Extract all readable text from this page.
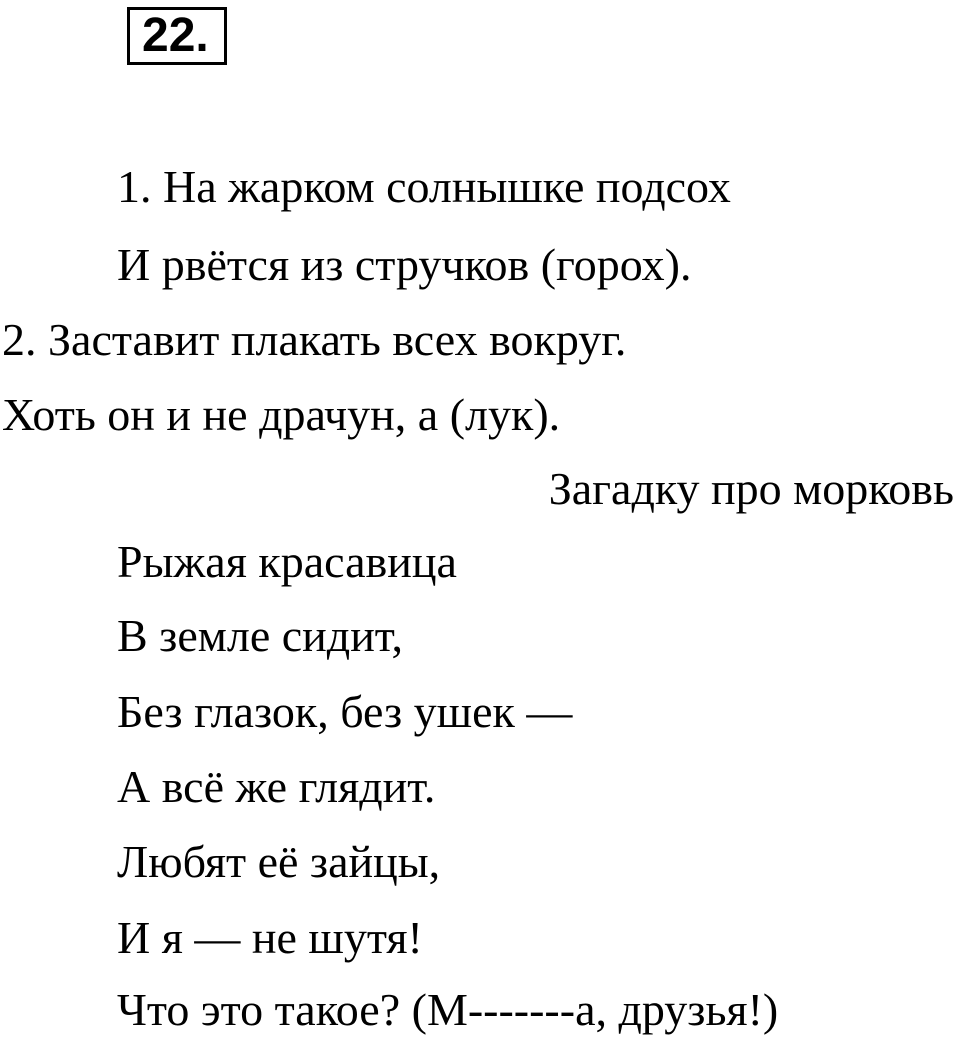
22.
1. На жарком солнышке подсох
И рвётся из стручков (горох).
2. Заставит плакать всех вокруг.
Хоть он и не драчун, а (лук).
Загадку про морковь
Рыжая красавица
В земле сидит,
Без глазок, без ушек —
А всё же глядит.
Любят её зайцы,
И я — не шутя!
Что это такое? (М-------а, друзья!)
